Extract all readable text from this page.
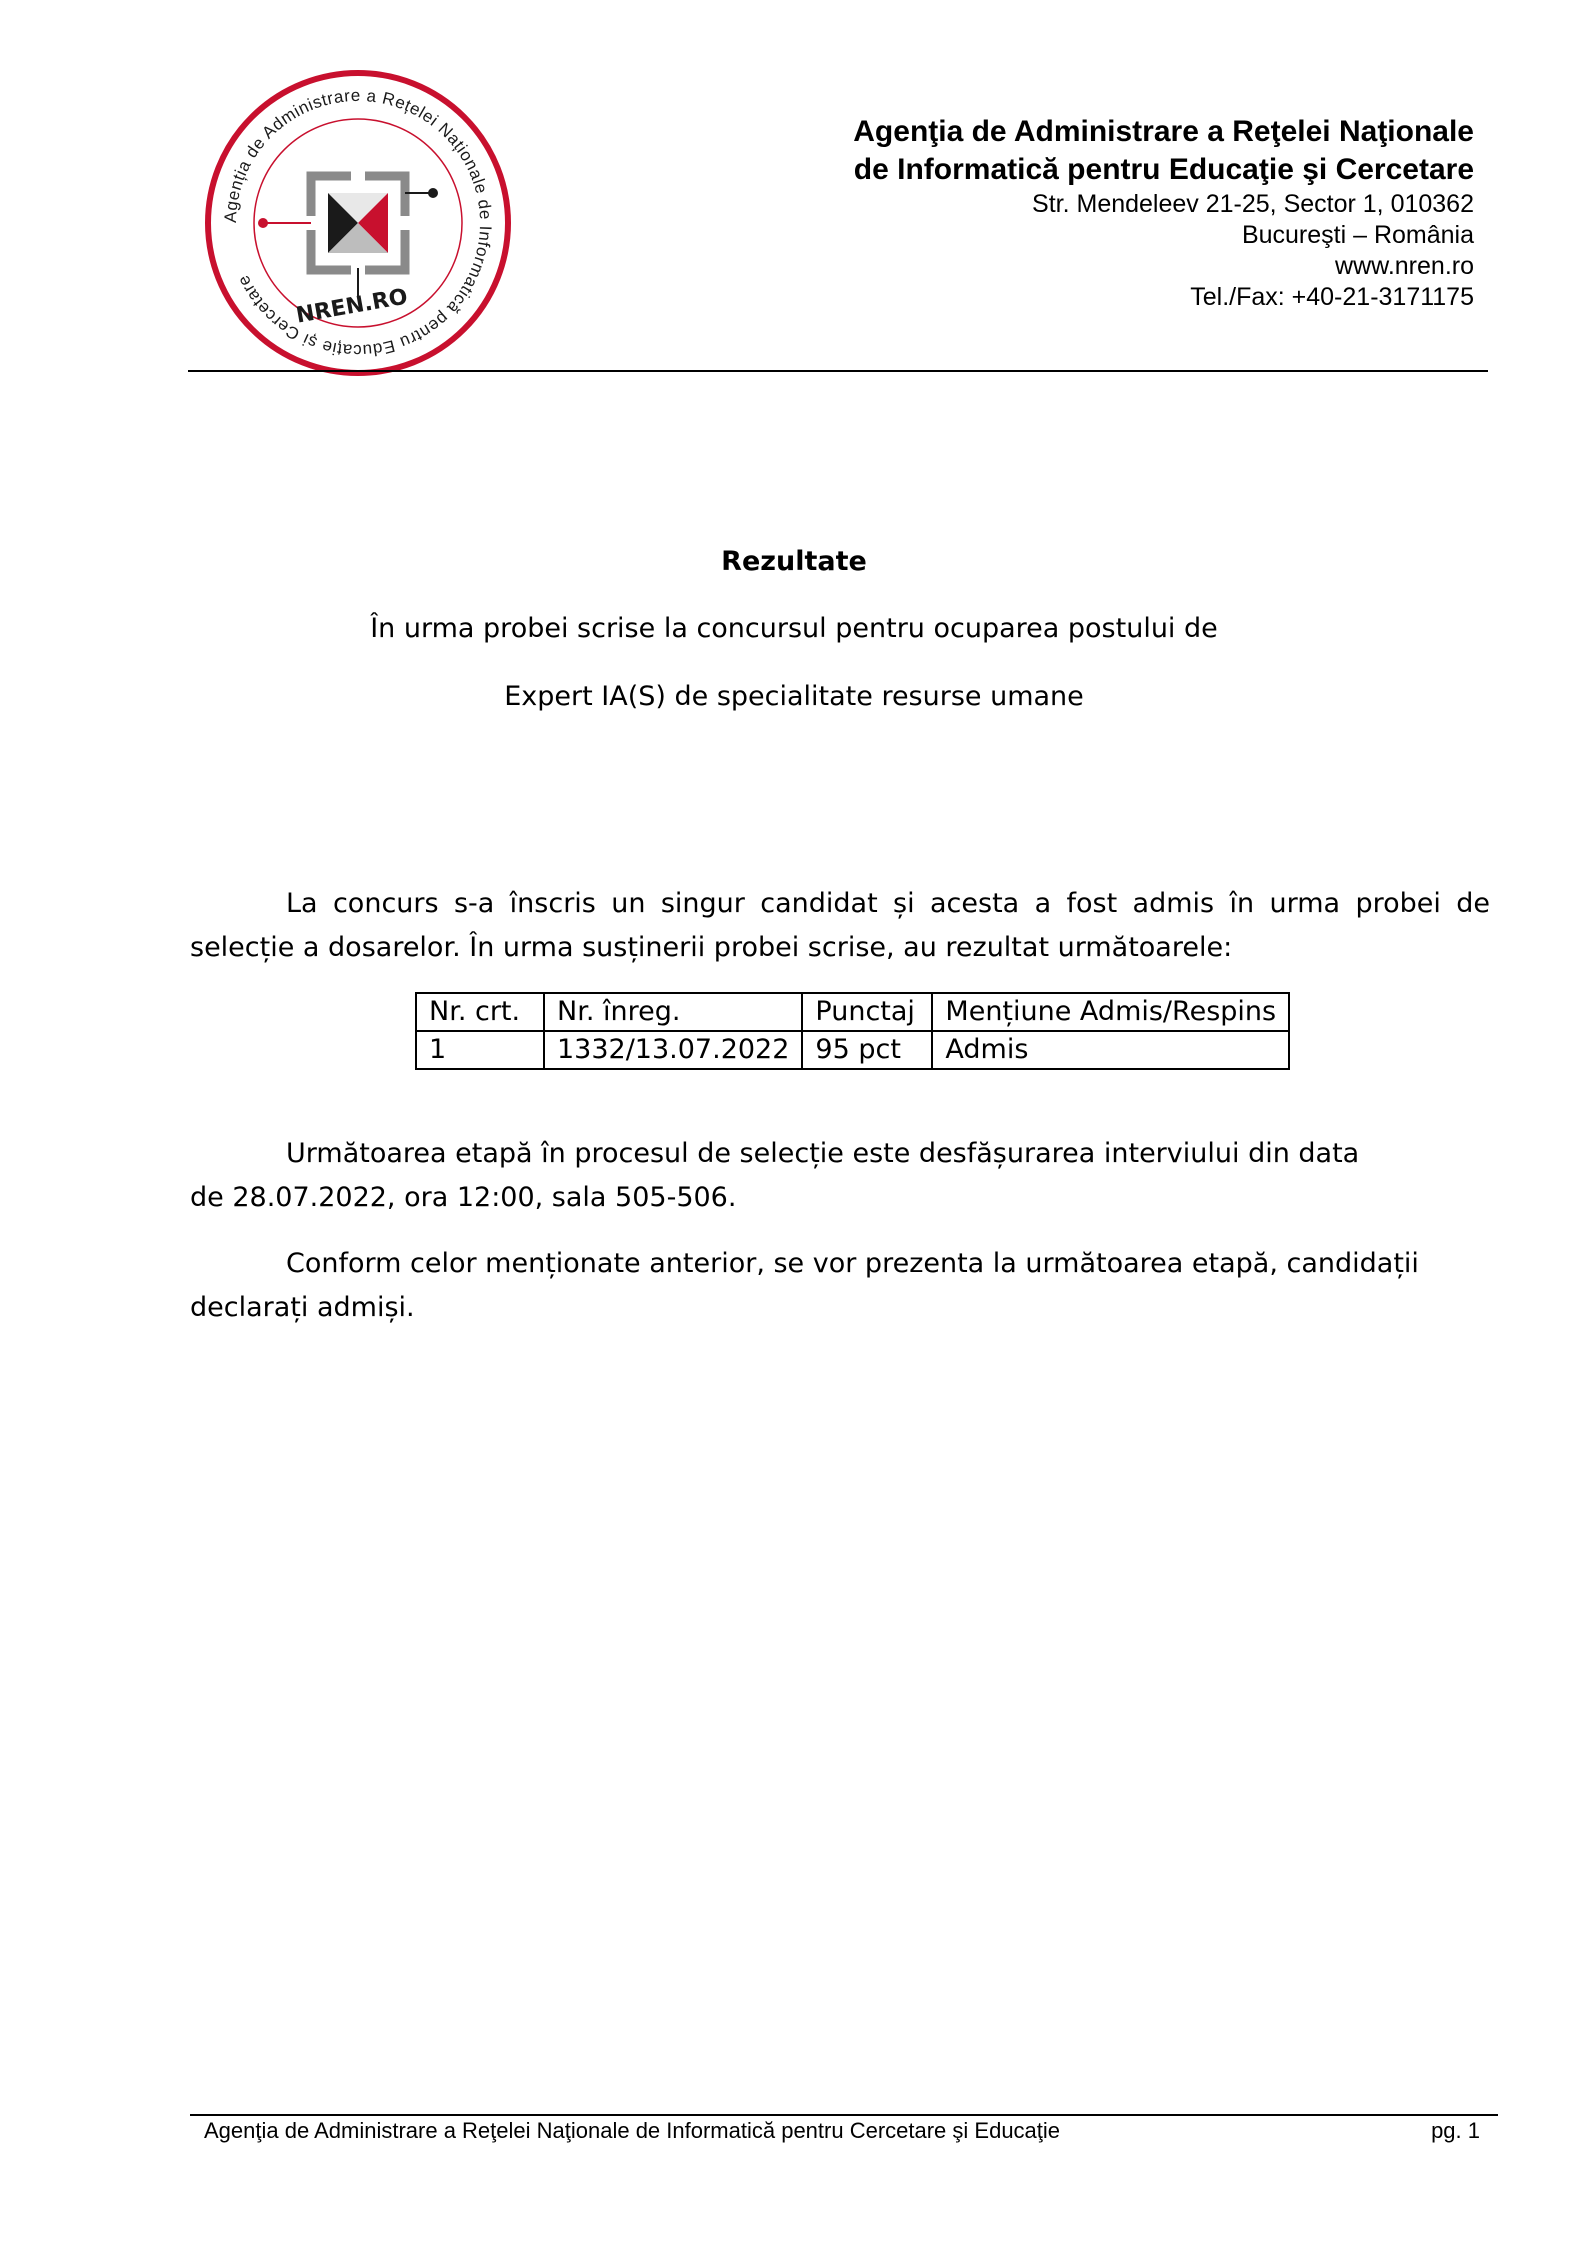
Agenția de Administrare a Rețelei Naționale de Informatică pentru Educație și Cercetare
NREN.RO
Agenţia de Administrare a Reţelei Naţionale
de Informatică pentru Educaţie şi Cercetare
Str. Mendeleev 21-25, Sector 1, 010362
Bucureşti – România
www.nren.ro
Tel./Fax: +40-21-3171175
Rezultate
În urma probei scrise la concursul pentru ocuparea postului de
Expert IA(S) de specialitate resurse umane
La concurs s-a înscris un singur candidat și acesta a fost admis în urma probei de selecție a dosarelor. În urma susținerii probei scrise, au rezultat următoarele:
Nr. crt.	Nr. înreg.	Punctaj	Mențiune Admis/Respins
1	1332/13.07.2022	95 pct	Admis
Următoarea etapă în procesul de selecție este desfășurarea interviului din data de 28.07.2022, ora 12:00, sala 505-506.
Conform celor menționate anterior, se vor prezenta la următoarea etapă, candidații declarați admiși.
Agenţia de Administrare a Reţelei Naţionale de Informatică pentru Cercetare şi Educaţie	pg. 1
